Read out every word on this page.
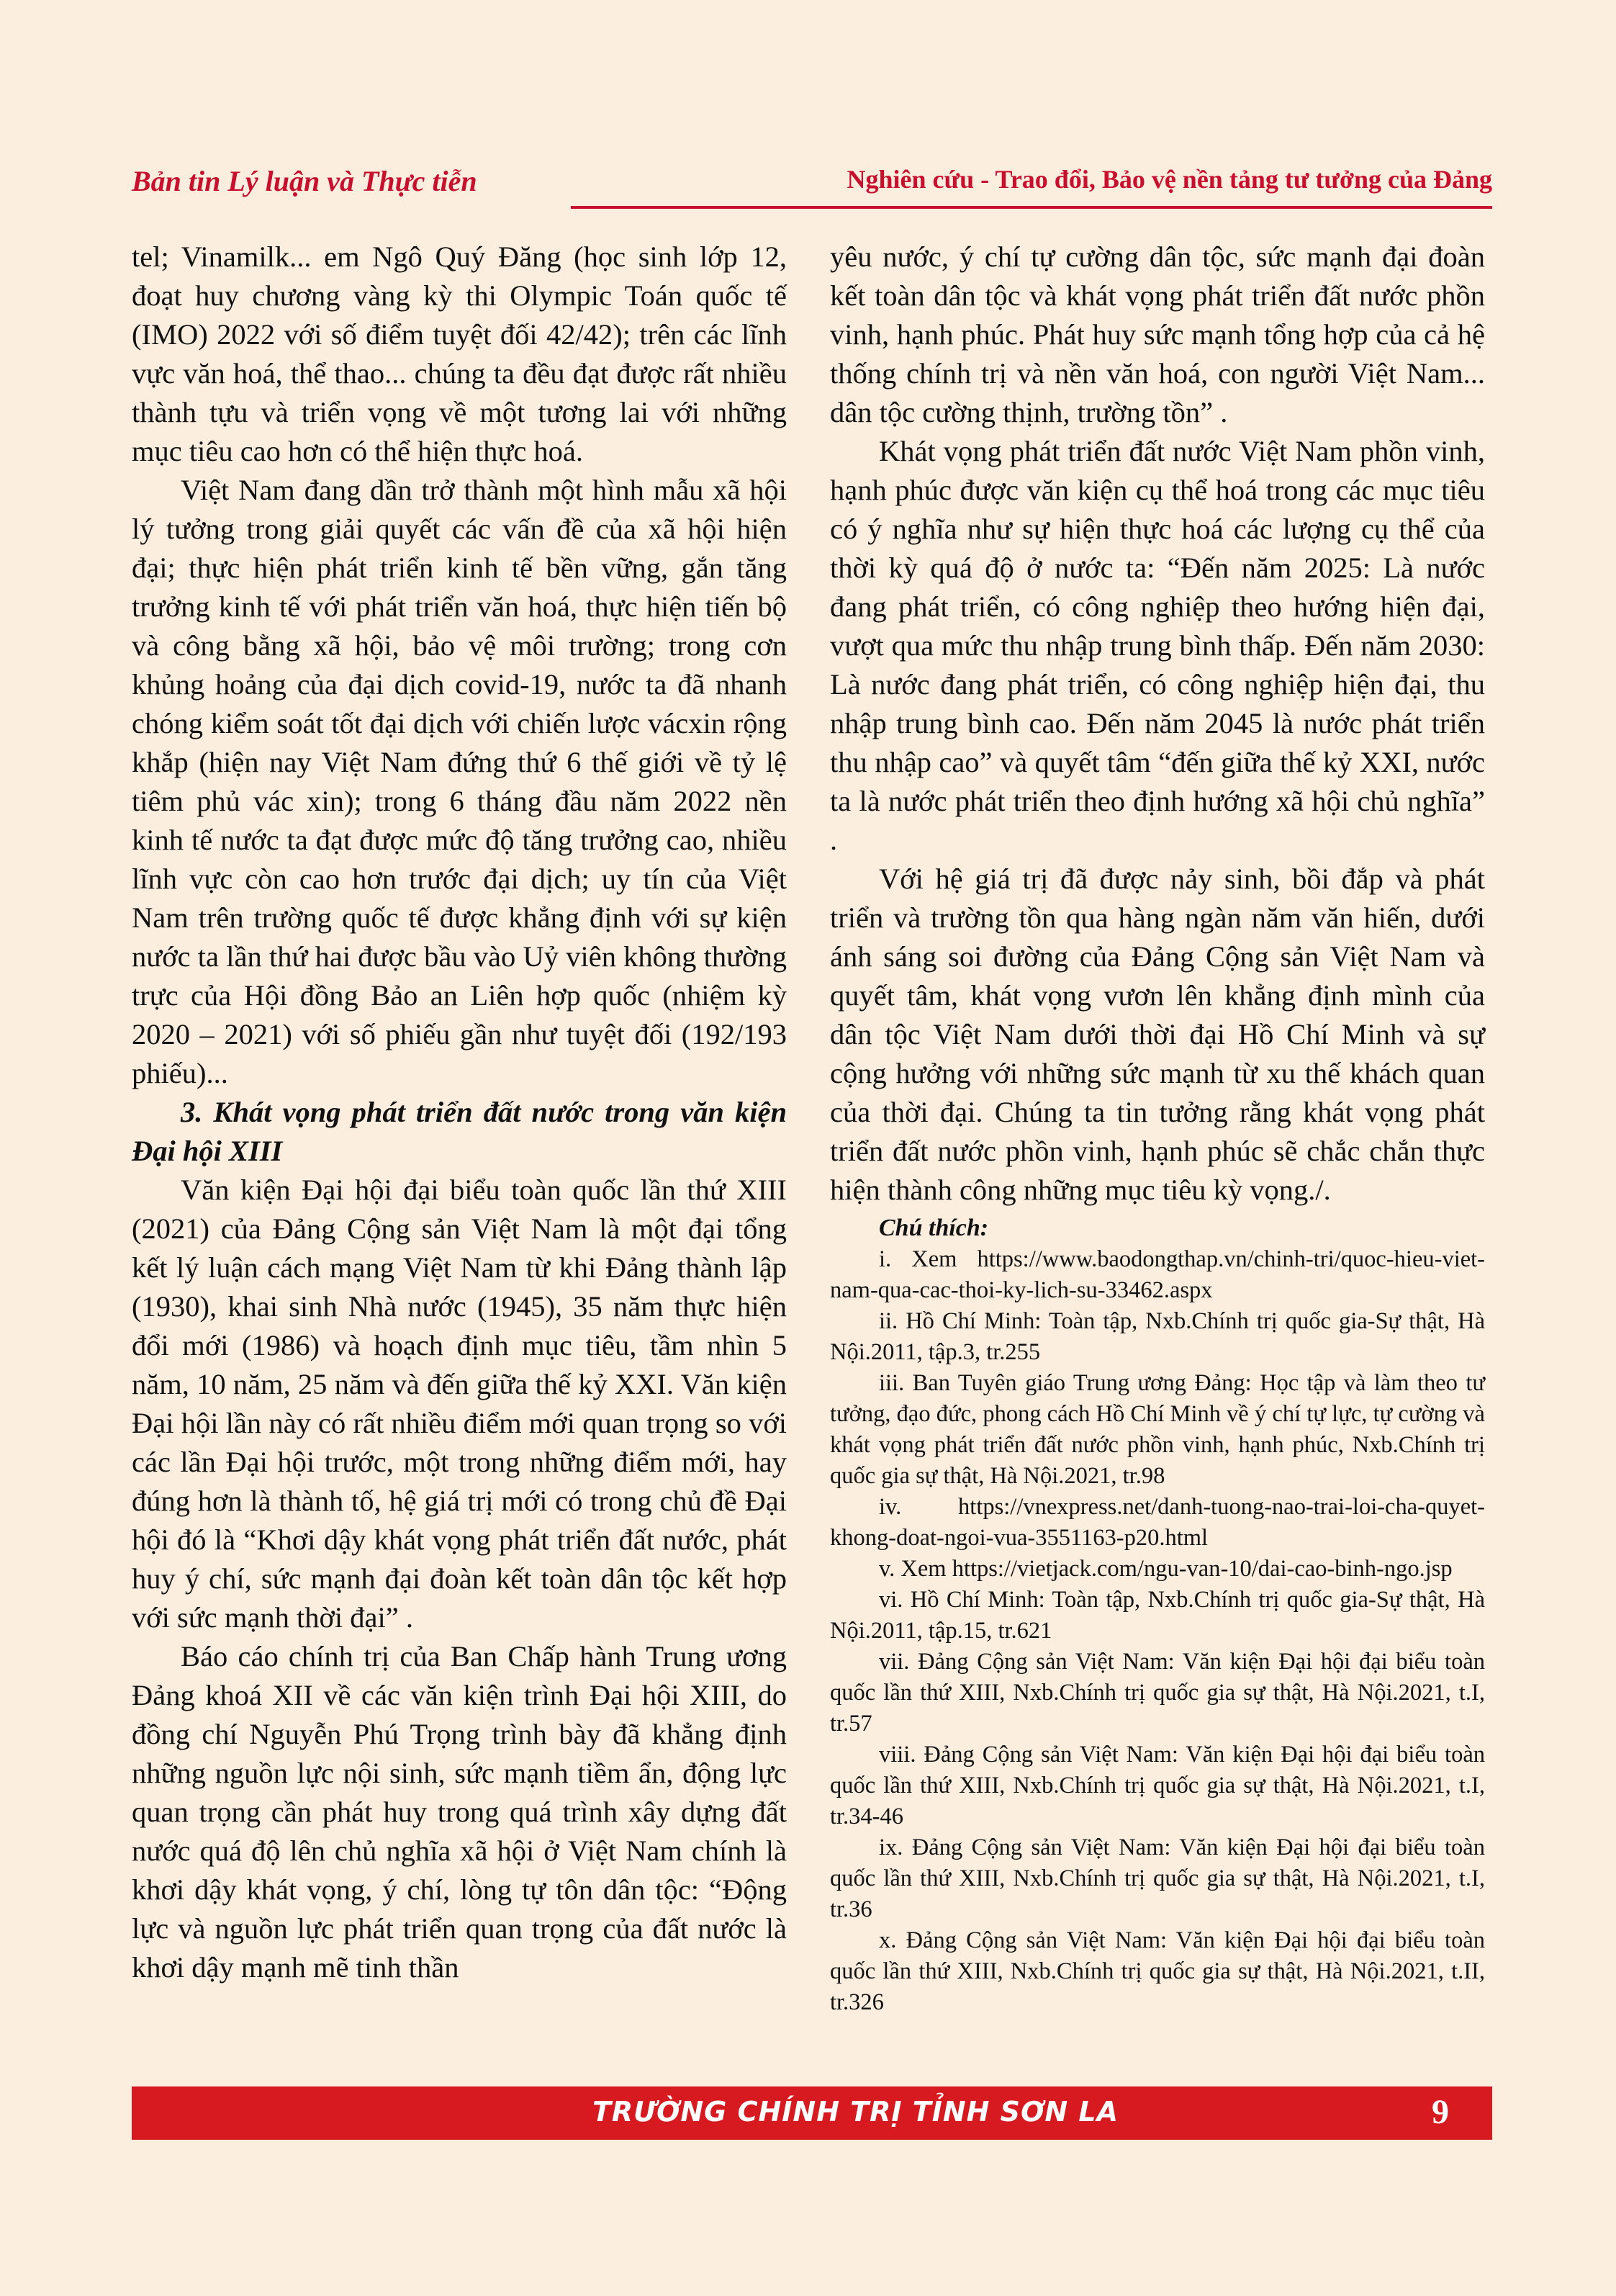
Bản tin Lý luận và Thực tiễn	Nghiên cứu - Trao đổi, Bảo vệ nền tảng tư tưởng của Đảng

tel; Vinamilk... em Ngô Quý Đăng (học sinh lớp 12, đoạt huy chương vàng kỳ thi Olympic Toán quốc tế (IMO) 2022 với số điểm tuyệt đối 42/42); trên các lĩnh vực văn hoá, thể thao... chúng ta đều đạt được rất nhiều thành tựu và triển vọng về một tương lai với những mục tiêu cao hơn có thể hiện thực hoá.

Việt Nam đang dần trở thành một hình mẫu xã hội lý tưởng trong giải quyết các vấn đề của xã hội hiện đại; thực hiện phát triển kinh tế bền vững, gắn tăng trưởng kinh tế với phát triển văn hoá, thực hiện tiến bộ và công bằng xã hội, bảo vệ môi trường; trong cơn khủng hoảng của đại dịch covid-19, nước ta đã nhanh chóng kiểm soát tốt đại dịch với chiến lược vácxin rộng khắp (hiện nay Việt Nam đứng thứ 6 thế giới về tỷ lệ tiêm phủ vác xin); trong 6 tháng đầu năm 2022 nền kinh tế nước ta đạt được mức độ tăng trưởng cao, nhiều lĩnh vực còn cao hơn trước đại dịch; uy tín của Việt Nam trên trường quốc tế được khẳng định với sự kiện nước ta lần thứ hai được bầu vào Uỷ viên không thường trực của Hội đồng Bảo an Liên hợp quốc (nhiệm kỳ 2020 – 2021) với số phiếu gần như tuyệt đối (192/193 phiếu)...

3. Khát vọng phát triển đất nước trong văn kiện Đại hội XIII

Văn kiện Đại hội đại biểu toàn quốc lần thứ XIII (2021) của Đảng Cộng sản Việt Nam là một đại tổng kết lý luận cách mạng Việt Nam từ khi Đảng thành lập (1930), khai sinh Nhà nước (1945), 35 năm thực hiện đổi mới (1986) và hoạch định mục tiêu, tầm nhìn 5 năm, 10 năm, 25 năm và đến giữa thế kỷ XXI. Văn kiện Đại hội lần này có rất nhiều điểm mới quan trọng so với các lần Đại hội trước, một trong những điểm mới, hay đúng hơn là thành tố, hệ giá trị mới có trong chủ đề Đại hội đó là “Khơi dậy khát vọng phát triển đất nước, phát huy ý chí, sức mạnh đại đoàn kết toàn dân tộc kết hợp với sức mạnh thời đại” .

Báo cáo chính trị của Ban Chấp hành Trung ương Đảng khoá XII về các văn kiện trình Đại hội XIII, do đồng chí Nguyễn Phú Trọng trình bày đã khẳng định những nguồn lực nội sinh, sức mạnh tiềm ẩn, động lực quan trọng cần phát huy trong quá trình xây dựng đất nước quá độ lên chủ nghĩa xã hội ở Việt Nam chính là khơi dậy khát vọng, ý chí, lòng tự tôn dân tộc: “Động lực và nguồn lực phát triển quan trọng của đất nước là khơi dậy mạnh mẽ tinh thần

yêu nước, ý chí tự cường dân tộc, sức mạnh đại đoàn kết toàn dân tộc và khát vọng phát triển đất nước phồn vinh, hạnh phúc. Phát huy sức mạnh tổng hợp của cả hệ thống chính trị và nền văn hoá, con người Việt Nam... dân tộc cường thịnh, trường tồn” .

Khát vọng phát triển đất nước Việt Nam phồn vinh, hạnh phúc được văn kiện cụ thể hoá trong các mục tiêu có ý nghĩa như sự hiện thực hoá các lượng cụ thể của thời kỳ quá độ ở nước ta: “Đến năm 2025: Là nước đang phát triển, có công nghiệp theo hướng hiện đại, vượt qua mức thu nhập trung bình thấp. Đến năm 2030: Là nước đang phát triển, có công nghiệp hiện đại, thu nhập trung bình cao. Đến năm 2045 là nước phát triển thu nhập cao” và quyết tâm “đến giữa thế kỷ XXI, nước ta là nước phát triển theo định hướng xã hội chủ nghĩa” .

Với hệ giá trị đã được nảy sinh, bồi đắp và phát triển và trường tồn qua hàng ngàn năm văn hiến, dưới ánh sáng soi đường của Đảng Cộng sản Việt Nam và quyết tâm, khát vọng vươn lên khẳng định mình của dân tộc Việt Nam dưới thời đại Hồ Chí Minh và sự cộng hưởng với những sức mạnh từ xu thế khách quan của thời đại. Chúng ta tin tưởng rằng khát vọng phát triển đất nước phồn vinh, hạnh phúc sẽ chắc chắn thực hiện thành công những mục tiêu kỳ vọng./.

Chú thích:

i. Xem https://www.baodongthap.vn/chinh-tri/quoc-hieu-viet-nam-qua-cac-thoi-ky-lich-su-33462.aspx

ii. Hồ Chí Minh: Toàn tập, Nxb.Chính trị quốc gia-Sự thật, Hà Nội.2011, tập.3, tr.255

iii. Ban Tuyên giáo Trung ương Đảng: Học tập và làm theo tư tưởng, đạo đức, phong cách Hồ Chí Minh về ý chí tự lực, tự cường và khát vọng phát triển đất nước phồn vinh, hạnh phúc, Nxb.Chính trị quốc gia sự thật, Hà Nội.2021, tr.98

iv. https://vnexpress.net/danh-tuong-nao-trai-loi-cha-quyet-khong-doat-ngoi-vua-3551163-p20.html

v. Xem https://vietjack.com/ngu-van-10/dai-cao-binh-ngo.jsp

vi. Hồ Chí Minh: Toàn tập, Nxb.Chính trị quốc gia-Sự thật, Hà Nội.2011, tập.15, tr.621

vii. Đảng Cộng sản Việt Nam: Văn kiện Đại hội đại biểu toàn quốc lần thứ XIII, Nxb.Chính trị quốc gia sự thật, Hà Nội.2021, t.I, tr.57

viii. Đảng Cộng sản Việt Nam: Văn kiện Đại hội đại biểu toàn quốc lần thứ XIII, Nxb.Chính trị quốc gia sự thật, Hà Nội.2021, t.I, tr.34-46

ix. Đảng Cộng sản Việt Nam: Văn kiện Đại hội đại biểu toàn quốc lần thứ XIII, Nxb.Chính trị quốc gia sự thật, Hà Nội.2021, t.I, tr.36

x. Đảng Cộng sản Việt Nam: Văn kiện Đại hội đại biểu toàn quốc lần thứ XIII, Nxb.Chính trị quốc gia sự thật, Hà Nội.2021, t.II, tr.326

TRƯỜNG CHÍNH TRỊ TỈNH SƠN LA	9
